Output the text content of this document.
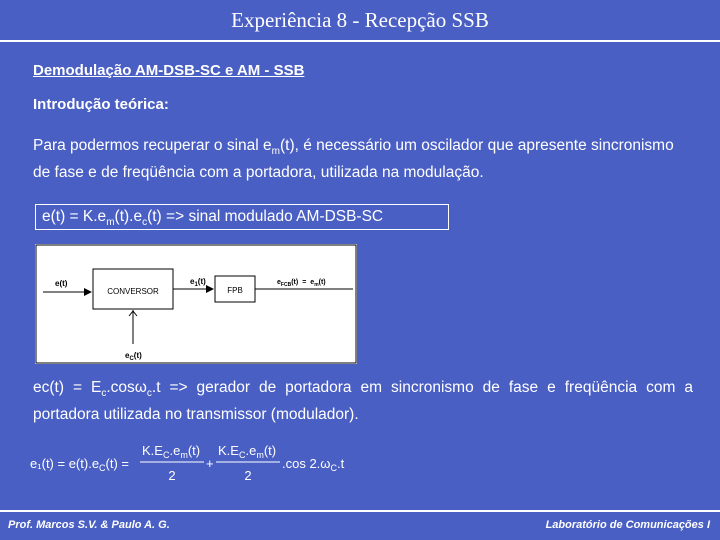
Experiência 8 - Recepção SSB
Demodulação AM-DSB-SC e AM - SSB
Introdução teórica:
Para podermos recuperar o sinal $e_m(t)$, é necessário um oscilador que apresente sincronismo de fase e de freqüência com a portadora, utilizada na modulação.
$e(t) = K.e_m(t).e_c(t)$ => sinal modulado AM-DSB-SC
e(t)
CONVERSOR
$e_1(t)$
FPB
$e_{FCB}(t) = e_m(t)$
$e_C(t)$
$ec(t) = E_c.\cos\omega_c.t$ => gerador de portadora em sincronismo de fase e freqüência com a portadora utilizada no transmissor (modulador).
$e_1(t) = e(t).e_C(t)$ =
$K.E_C.e_m(t)$
2
+
$K.E_C.e_m(t)$
2
.cos $2.\omega_C.t$
Prof. Marcos S.V. & Paulo A. G.	Laboratório de Comunicações I
